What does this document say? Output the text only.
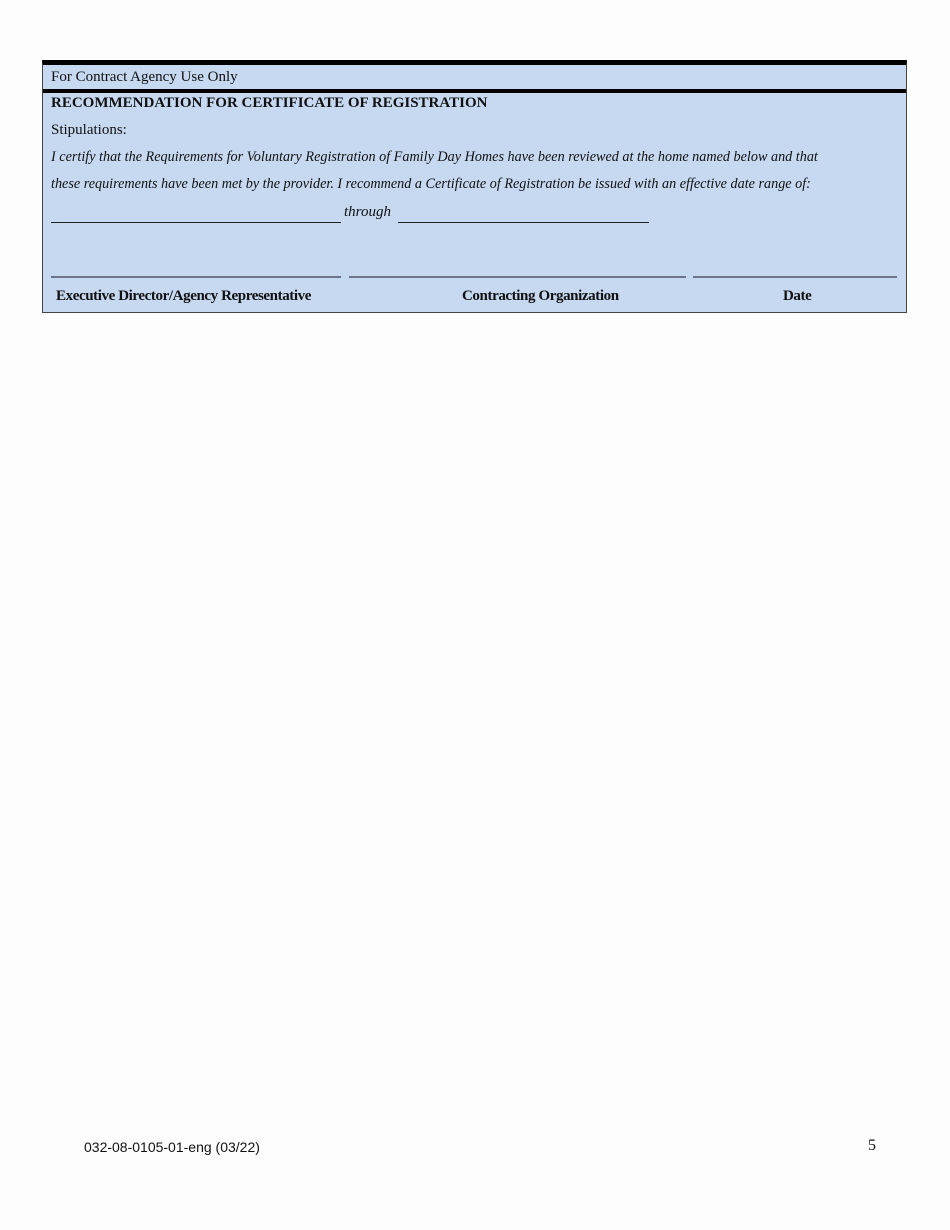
For Contract Agency Use Only
RECOMMENDATION FOR CERTIFICATE OF REGISTRATION
Stipulations:
I certify that the Requirements for Voluntary Registration of Family Day Homes have been reviewed at the home named below and that
these requirements have been met by the provider. I recommend a Certificate of Registration be issued with an effective date range of:
through
Executive Director/Agency Representative	Contracting Organization	Date
032-08-0105-01-eng (03/22)	5
